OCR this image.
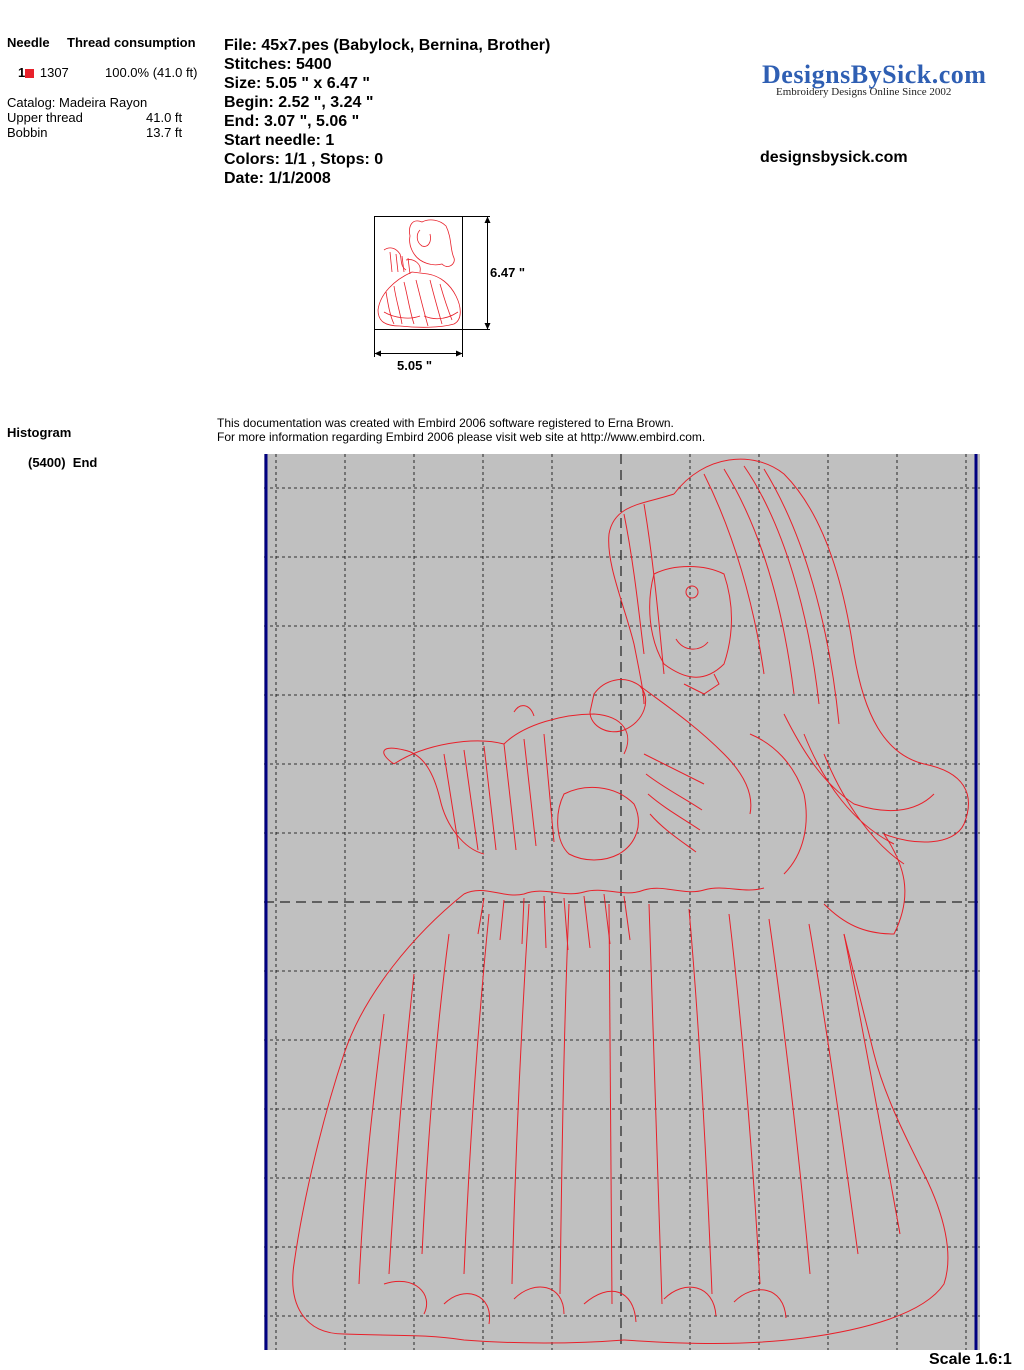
Needle Thread consumption
1 1307	100.0% (41.0 ft)
Catalog: Madeira Rayon
Upper thread	41.0 ft
Bobbin	13.7 ft
File: 45x7.pes (Babylock, Bernina, Brother)
Stitches: 5400
Size: 5.05 " x 6.47 "
Begin: 2.52 ", 3.24 "
End: 3.07 ", 5.06 "
Start needle: 1
Colors: 1/1 , Stops: 0
Date: 1/1/2008
DesignsBySick.com
Embroidery Designs Online Since 2002
designsbysick.com
6.47 "
5.05 "
Histogram
(5400)  End
This documentation was created with Embird 2006 software registered to Erna Brown.
For more information regarding Embird 2006 please visit web site at http://www.embird.com.
Scale 1.6:1
